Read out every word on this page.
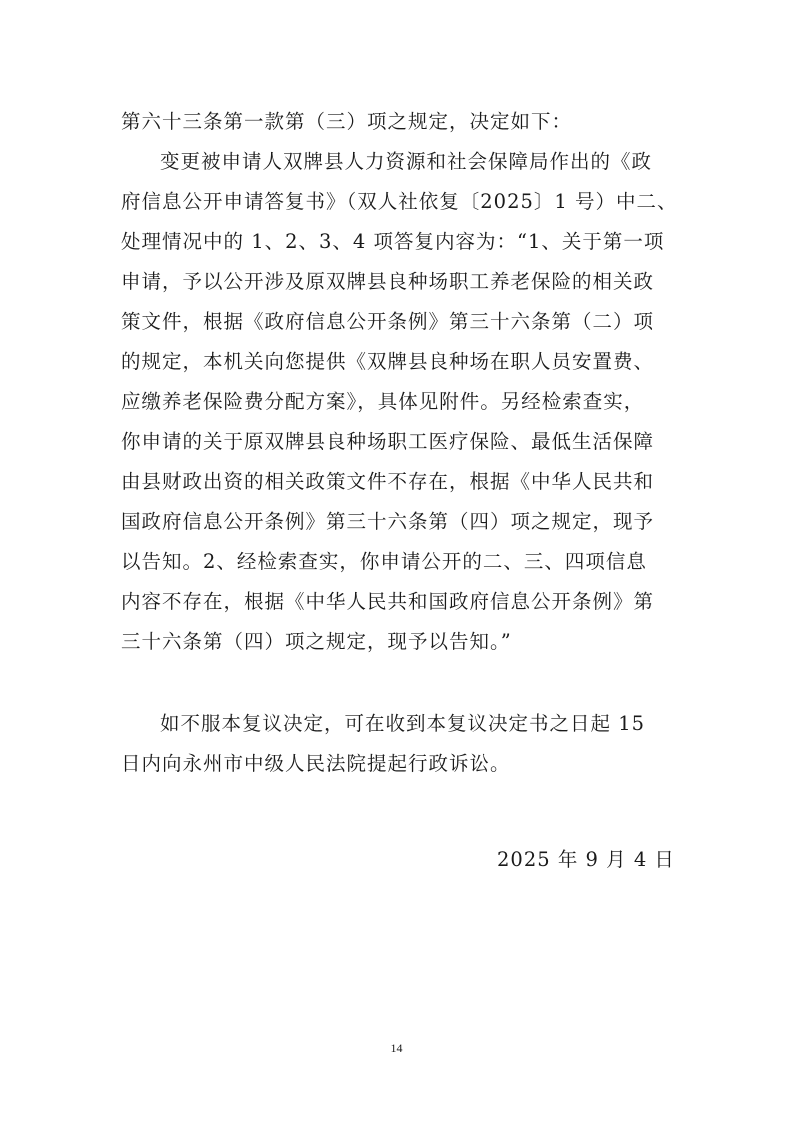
第六十三条第一款第（三）项之规定，决定如下：
变更被申请人双牌县人力资源和社会保障局作出的《政
府信息公开申请答复书》（双人社依复〔2025〕1 号）中二、
处理情况中的 1、2、3、4 项答复内容为：“1、关于第一项
申请，予以公开涉及原双牌县良种场职工养老保险的相关政
策文件，根据《政府信息公开条例》第三十六条第（二）项
的规定，本机关向您提供《双牌县良种场在职人员安置费、
应缴养老保险费分配方案》，具体见附件。另经检索查实，
你申请的关于原双牌县良种场职工医疗保险、最低生活保障
由县财政出资的相关政策文件不存在，根据《中华人民共和
国政府信息公开条例》第三十六条第（四）项之规定，现予
以告知。2、经检索查实，你申请公开的二、三、四项信息
内容不存在，根据《中华人民共和国政府信息公开条例》第
三十六条第（四）项之规定，现予以告知。”
如不服本复议决定，可在收到本复议决定书之日起 15
日内向永州市中级人民法院提起行政诉讼。
2025 年 9 月 4 日
14
